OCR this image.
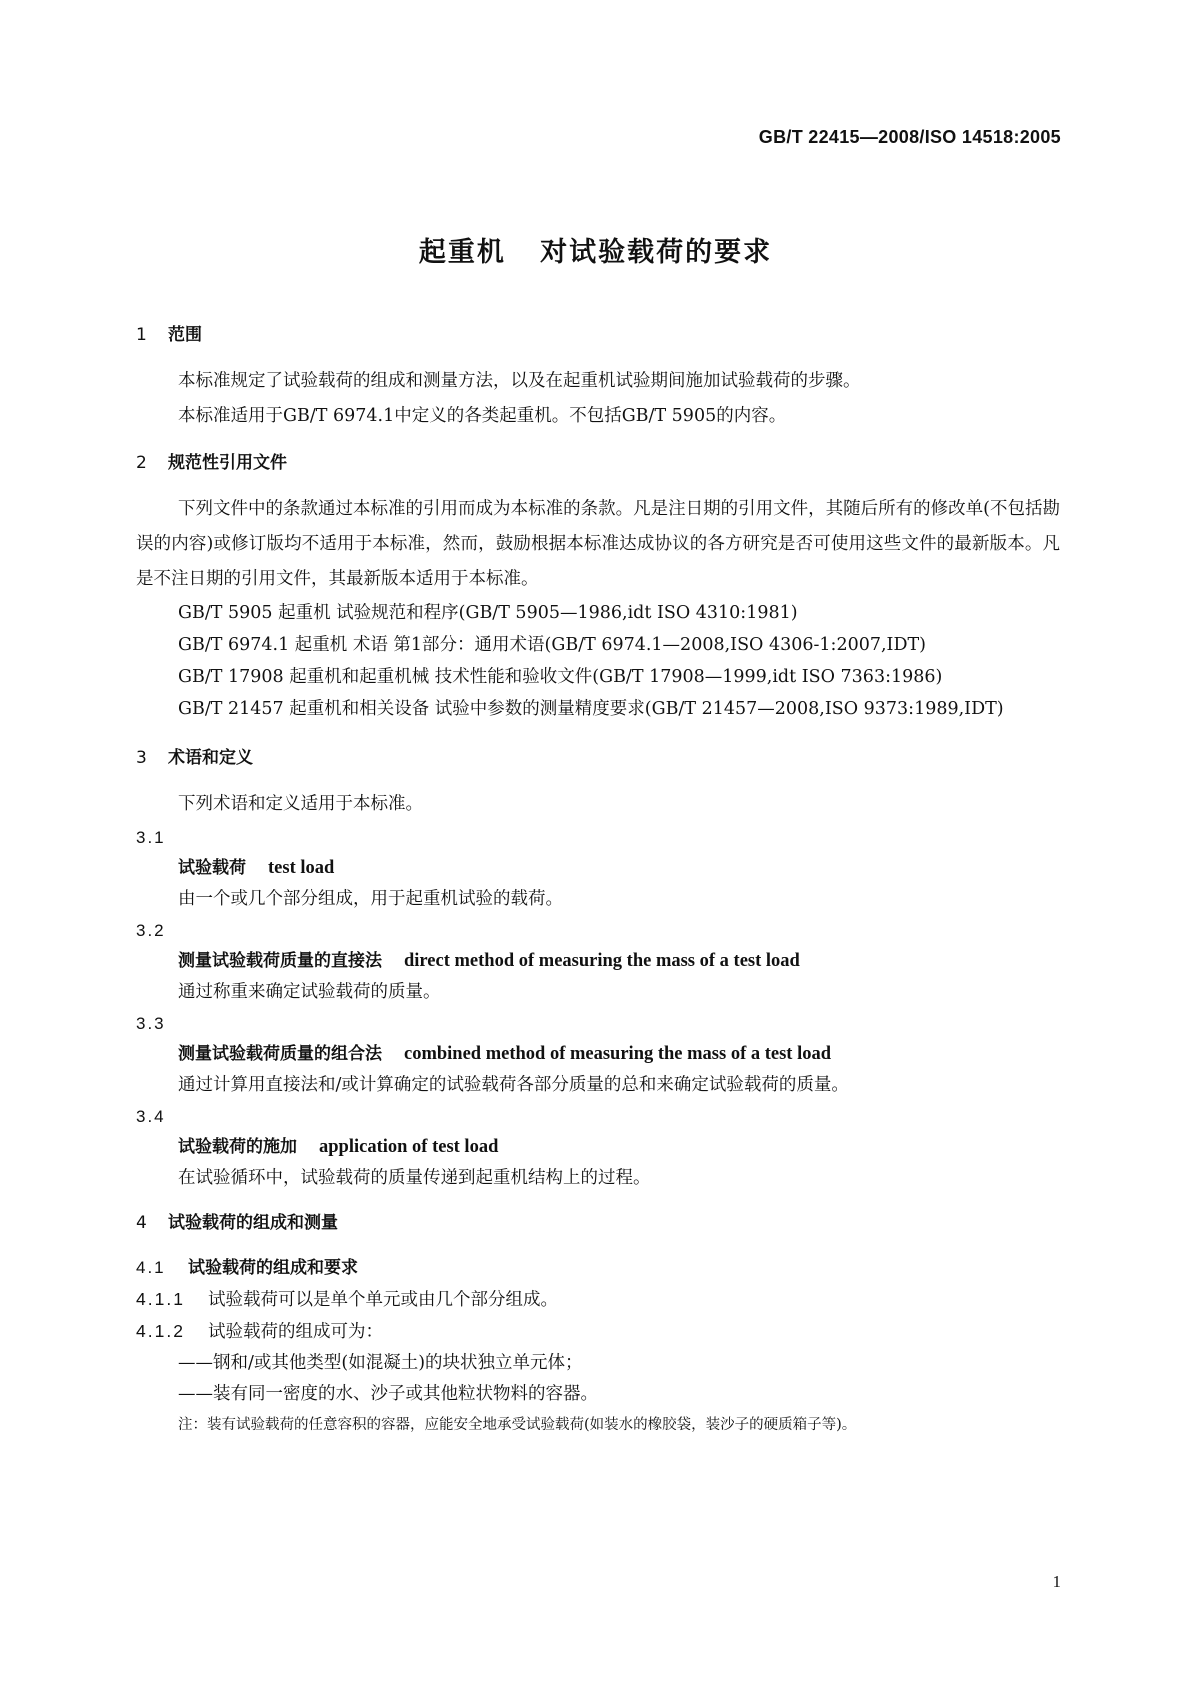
GB/T 22415—2008/ISO 14518:2005
起重机   对试验载荷的要求

1 范围

本标准规定了试验载荷的组成和测量方法，以及在起重机试验期间施加试验载荷的步骤。

本标准适用于GB/T 6974.1中定义的各类起重机。不包括GB/T 5905的内容。

2 规范性引用文件

下列文件中的条款通过本标准的引用而成为本标准的条款。凡是注日期的引用文件，其随后所有的修改单(不包括勘误的内容)或修订版均不适用于本标准，然而，鼓励根据本标准达成协议的各方研究是否可使用这些文件的最新版本。凡是不注日期的引用文件，其最新版本适用于本标准。

GB/T 5905 起重机 试验规范和程序(GB/T 5905—1986,idt ISO 4310:1981)

GB/T 6974.1 起重机 术语 第1部分：通用术语(GB/T 6974.1—2008,ISO 4306-1:2007,IDT)

GB/T 17908 起重机和起重机械 技术性能和验收文件(GB/T 17908—1999,idt ISO 7363:1986)

GB/T 21457 起重机和相关设备 试验中参数的测量精度要求(GB/T 21457—2008,ISO 9373:1989,IDT)

3 术语和定义

下列术语和定义适用于本标准。

3.1

试验载荷 test load

由一个或几个部分组成，用于起重机试验的载荷。

3.2

测量试验载荷质量的直接法 direct method of measuring the mass of a test load

通过称重来确定试验载荷的质量。

3.3

测量试验载荷质量的组合法 combined method of measuring the mass of a test load

通过计算用直接法和/或计算确定的试验载荷各部分质量的总和来确定试验载荷的质量。

3.4

试验载荷的施加 application of test load

在试验循环中，试验载荷的质量传递到起重机结构上的过程。

4 试验载荷的组成和测量

4.1 试验载荷的组成和要求

4.1.1 试验载荷可以是单个单元或由几个部分组成。

4.1.2 试验载荷的组成可为：

——钢和/或其他类型(如混凝土)的块状独立单元体；

——装有同一密度的水、沙子或其他粒状物料的容器。

注：装有试验载荷的任意容积的容器，应能安全地承受试验载荷(如装水的橡胶袋，装沙子的硬质箱子等)。

1
